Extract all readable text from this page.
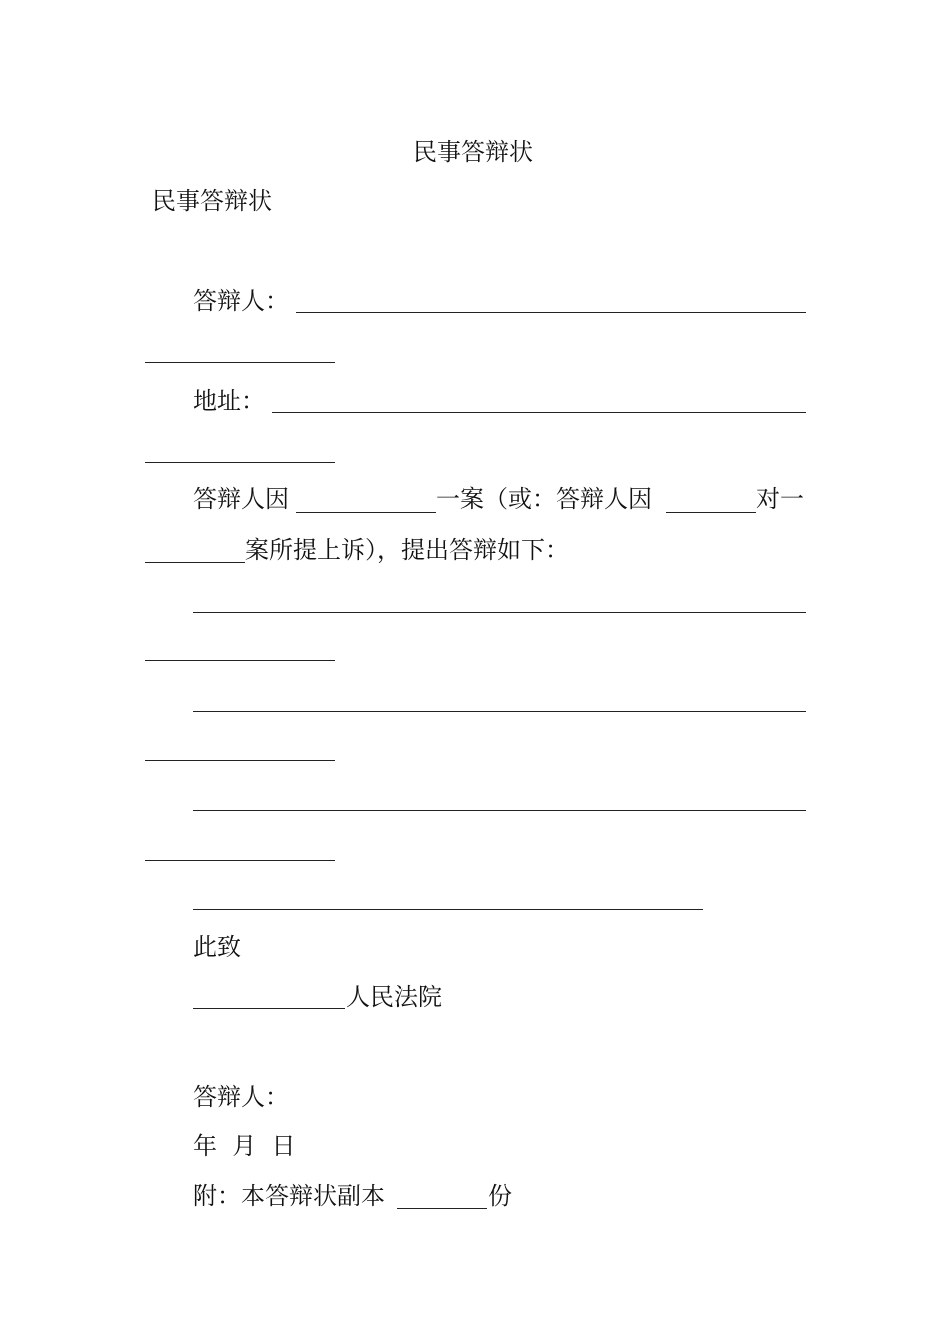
民事答辩状
民事答辩状
答辩人：
地址：
答辩人因	一案（或：答辩人因	对一
案所提上诉），提出答辩如下：
此致
人民法院
答辩人：
年  月  日
附：本答辩状副本	份
